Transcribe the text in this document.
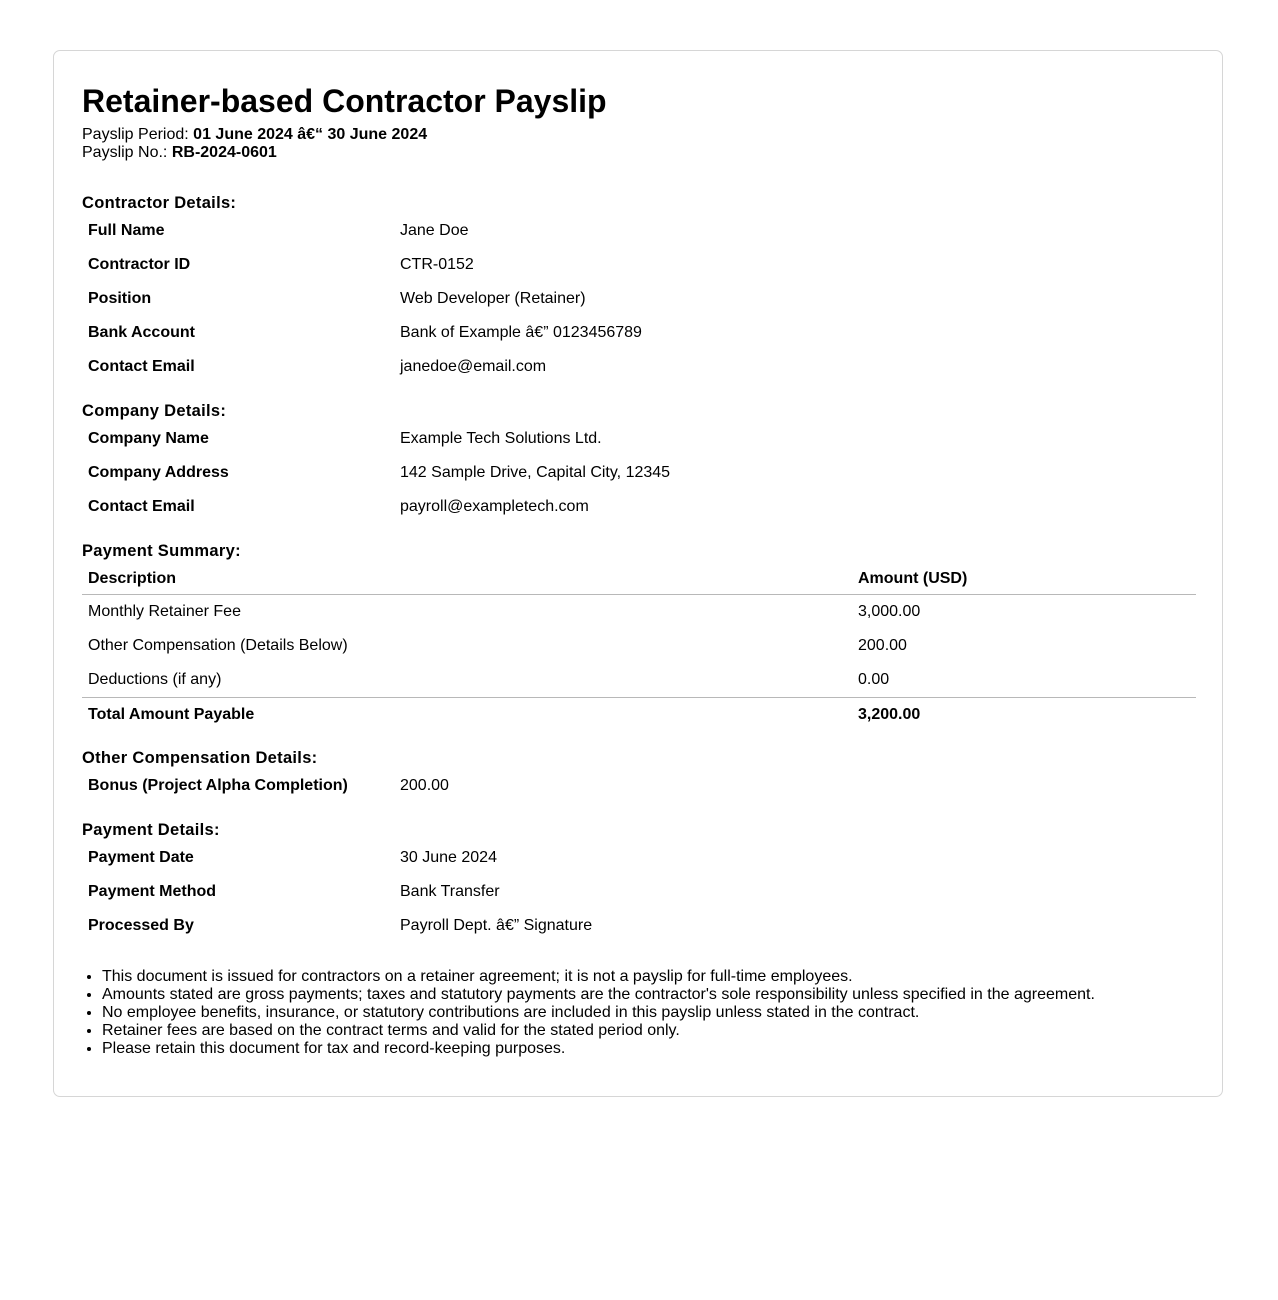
Retainer-based Contractor Payslip
Payslip Period: 01 June 2024 â€“ 30 June 2024
Payslip No.: RB-2024-0601
Contractor Details:
Full Name	Jane Doe
Contractor ID	CTR-0152
Position	Web Developer (Retainer)
Bank Account	Bank of Example â€” 0123456789
Contact Email	janedoe@email.com
Company Details:
Company Name	Example Tech Solutions Ltd.
Company Address	142 Sample Drive, Capital City, 12345
Contact Email	payroll@exampletech.com
Payment Summary:
Description	Amount (USD)
Monthly Retainer Fee	3,000.00
Other Compensation (Details Below)	200.00
Deductions (if any)	0.00
Total Amount Payable	3,200.00
Other Compensation Details:
Bonus (Project Alpha Completion)	200.00
Payment Details:
Payment Date	30 June 2024
Payment Method	Bank Transfer
Processed By	Payroll Dept. â€” Signature
• This document is issued for contractors on a retainer agreement; it is not a payslip for full-time employees.
• Amounts stated are gross payments; taxes and statutory payments are the contractor's sole responsibility unless specified in the agreement.
• No employee benefits, insurance, or statutory contributions are included in this payslip unless stated in the contract.
• Retainer fees are based on the contract terms and valid for the stated period only.
• Please retain this document for tax and record-keeping purposes.
